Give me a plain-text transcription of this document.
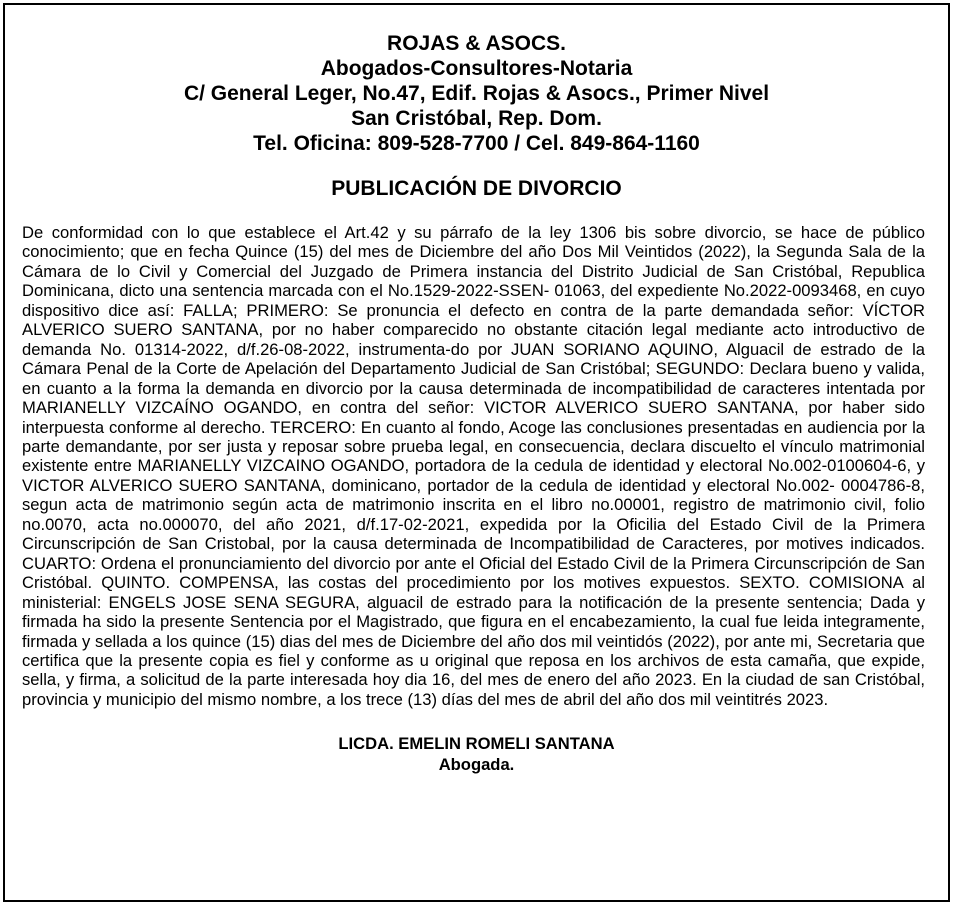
ROJAS & ASOCS.
Abogados-Consultores-Notaria
C/ General Leger, No.47, Edif. Rojas & Asocs., Primer Nivel
San Cristóbal, Rep. Dom.
Tel. Oficina: 809-528-7700 / Cel. 849-864-1160
PUBLICACIÓN DE DIVORCIO
De conformidad con lo que establece el Art.42 y su párrafo de la ley 1306 bis sobre divorcio, se hace de público conocimiento; que en fecha Quince (15) del mes de Diciembre del año Dos Mil Veintidos (2022), la Segunda Sala de la Cámara de lo Civil y Comercial del Juzgado de Primera instancia del Distrito Judicial de San Cristóbal, Republica Dominicana, dicto una sentencia marcada con el No.1529-2022-SSEN- 01063, del expediente No.2022-0093468, en cuyo dispositivo dice así: FALLA; PRIMERO: Se pronuncia el defecto en contra de la parte demandada señor: VÍCTOR ALVERICO SUERO SANTANA, por no haber comparecido no obstante citación legal mediante acto introductivo de demanda No. 01314-2022, d/f.26-08-2022, instrumenta-do por JUAN SORIANO AQUINO, Alguacil de estrado de la Cámara Penal de la Corte de Apelación del Departamento Judicial de San Cristóbal; SEGUNDO: Declara bueno y valida, en cuanto a la forma la demanda en divorcio por la causa determinada de incompatibilidad de caracteres intentada por MARIANELLY VIZCAÍNO OGANDO, en contra del señor: VICTOR ALVERICO SUERO SANTANA, por haber sido interpuesta conforme al derecho. TERCERO: En cuanto al fondo, Acoge las conclusiones presentadas en audiencia por la parte demandante, por ser justa y reposar sobre prueba legal, en consecuencia, declara discuelto el vínculo matrimonial existente entre MARIANELLY VIZCAINO OGANDO, portadora de la cedula de identidad y electoral No.002-0100604-6, y VICTOR ALVERICO SUERO SANTANA, dominicano, portador de la cedula de identidad y electoral No.002- 0004786-8, segun acta de matrimonio según acta de matrimonio inscrita en el libro no.00001, registro de matrimonio civil, folio no.0070, acta no.000070, del año 2021, d/f.17-02-2021, expedida por la Oficilia del Estado Civil de la Primera Circunscripción de San Cristobal, por la causa determinada de Incompatibilidad de Caracteres, por motives indicados. CUARTO: Ordena el pronunciamiento del divorcio por ante el Oficial del Estado Civil de la Primera Circunscripción de San Cristóbal. QUINTO. COMPENSA, las costas del procedimiento por los motives expuestos. SEXTO. COMISIONA al ministerial: ENGELS JOSE SENA SEGURA, alguacil de estrado para la notificación de la presente sentencia; Dada y firmada ha sido la presente Sentencia por el Magistrado, que figura en el encabezamiento, la cual fue leida integramente, firmada y sellada a los quince (15) dias del mes de Diciembre del año dos mil veintidós (2022), por ante mi, Secretaria que certifica que la presente copia es fiel y conforme as u original que reposa en los archivos de esta camaña, que expide, sella, y firma, a solicitud de la parte interesada hoy dia 16, del mes de enero del año 2023. En la ciudad de san Cristóbal, provincia y municipio del mismo nombre, a los trece (13) días del mes de abril del año dos mil veintitrés 2023.
LICDA. EMELIN ROMELI SANTANA
Abogada.
